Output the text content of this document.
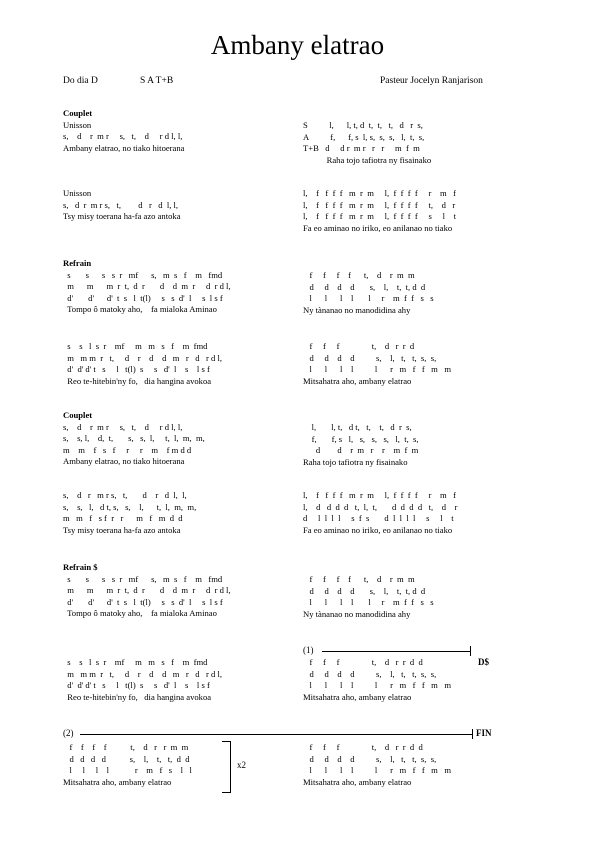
Ambany elatrao
Do dia D	S A T+B	Pasteur Jocelyn Ranjarison
Couplet
Unisson
s,    d    r  m r     s,   t,    d     r d l, l,
Ambany elatrao, no tiako hitoerana
S          l,      l, t, d  t,  t,   t,   d   r  s,
A          f,      f, s  l, s,  s,  s,   l,  t,  s,
T+B   d     d r  m r   r   r     m  f  m
Raha tojo tafiotra ny fisainako
Unisson
s,   d  r  m r s,   t,        d   r   d  l, l,
Tsy misy toerana ha-fa azo antoka
l,    f   f  f  f   m  r  m     l,  f  f  f  f     r    m   f
l,    f   f  f  f   m  r  m     l,  f  f  f  f     t,    d   r
l,    f   f  f  f   m  r  m     l,  f  f  f  f     s     l    t
Fa eo aminao no iriko, eo anilanao no tiako
Refrain
s       s      s   s  r   mf      s,   m  s   f    m   fmd
m      m      m  r  t,  d  r       d    d  m  r     d  r d l,
d'       d'      d'  t  s   l  t(l)     s   s  d'  l     s  l s f
Tompo ô matoky aho,    fa mialoka Aminao
f     f     f    f      t,    d    r  m  m
d     d    d    d       s,    l,    t,  t, d  d
l      l      l    l       l     r    m  f  f   s   s
Ny tànanao no manodidina ahy
s    s   l  s  r    mf     m   m   s   f    m  fmd
m   m m  r   t,     d    r    d    d   m   r   d   r d l,
d'  d' d' t   s     l   t(l)  s     s   d'  l    s    l s f
Reo te-hitebin'ny fo,   dia hangina avokoa
f     f     f               t,    d   r  r  d
d     d    d    d          s,    l,   t,   t,  s,  s,
l      l      l    l          l      r   m   f   f   m   m
Mitsahatra aho, ambany elatrao
Couplet
s,    d    r  m r     s,   t,    d     r d l, l,
s,    s, l,    d,  t,       s,   s,  l,     t,  l,  m,  m,
m    m    f   s   f     r     r    m    f m d d
Ambany elatrao, no tiako hitoerana
l,       l, t,   d t,   t,    t,   d  r  s,
f,       f, s   l,   s,   s,   s,   l,  t,  s,
d        d    r  m   r    r    m  f  m
Raha tojo tafiotra ny fisainako
s,    d   r   m r s,   t,       d    r   d  l,  l,
s,    s,   l,   d t, s,   s,    l,      t,  l,  m,  m,
m   m   f   s f  r   r      m   f   m  d  d
Tsy misy toerana ha-fa azo antoka
l,    f   f  f  f   m  r  m     l,  f  f  f  f     r    m   f
l,    d   d  d  d   t,  l,  t,       d  d  d  d   t,    d    r
d     l  l  l  l     s  f  s       d  l  l  l  l     s     l    t
Fa eo aminao no iriko, eo anilanao no tiako
Refrain $
s       s      s   s  r   mf      s,   m  s   f    m   fmd
m      m      m  r  t,  d  r       d    d  m  r     d  r d l,
d'       d'      d'  t  s   l  t(l)     s   s  d'  l     s  l s f
Tompo ô matoky aho,    fa mialoka Aminao
f     f     f    f      t,    d    r  m  m
d     d    d    d       s,    l,    t,  t, d  d
l      l      l    l       l     r    m  f  f   s   s
Ny tànanao no manodidina ahy
s    s   l  s  r    mf     m   m   s   f    m  fmd
m   m m  r   t,     d    r    d    d   m   r   d   r d l,
d'  d' d' t   s     l   t(l)  s     s   d'  l    s    l s f
Reo te-hitebin'ny fo,   dia hangina avokoa
f     f     f               t,    d   r  r  d  d
d     d    d    d          s,    l,   t,   t,  s,  s,
l      l      l    l          l      r   m   f   f   m   m
Mitsahatra aho, ambany elatrao
f    f    f    f           t,    d   r   r  m  m
d   d   d   d           s,    l,    t,   t,  d  d
l     l     l    l            r    m   f   s    l   l
Mitsahatra aho, ambany elatrao
f     f     f               t,    d   r  r  d  d
d     d    d    d          s,    l,   t,   t,  s,  s,
l      l      l    l          l      r   m   f   f   m   m
Mitsahatra aho, ambany elatrao
(1)
D$
(2)	FIN
x2
